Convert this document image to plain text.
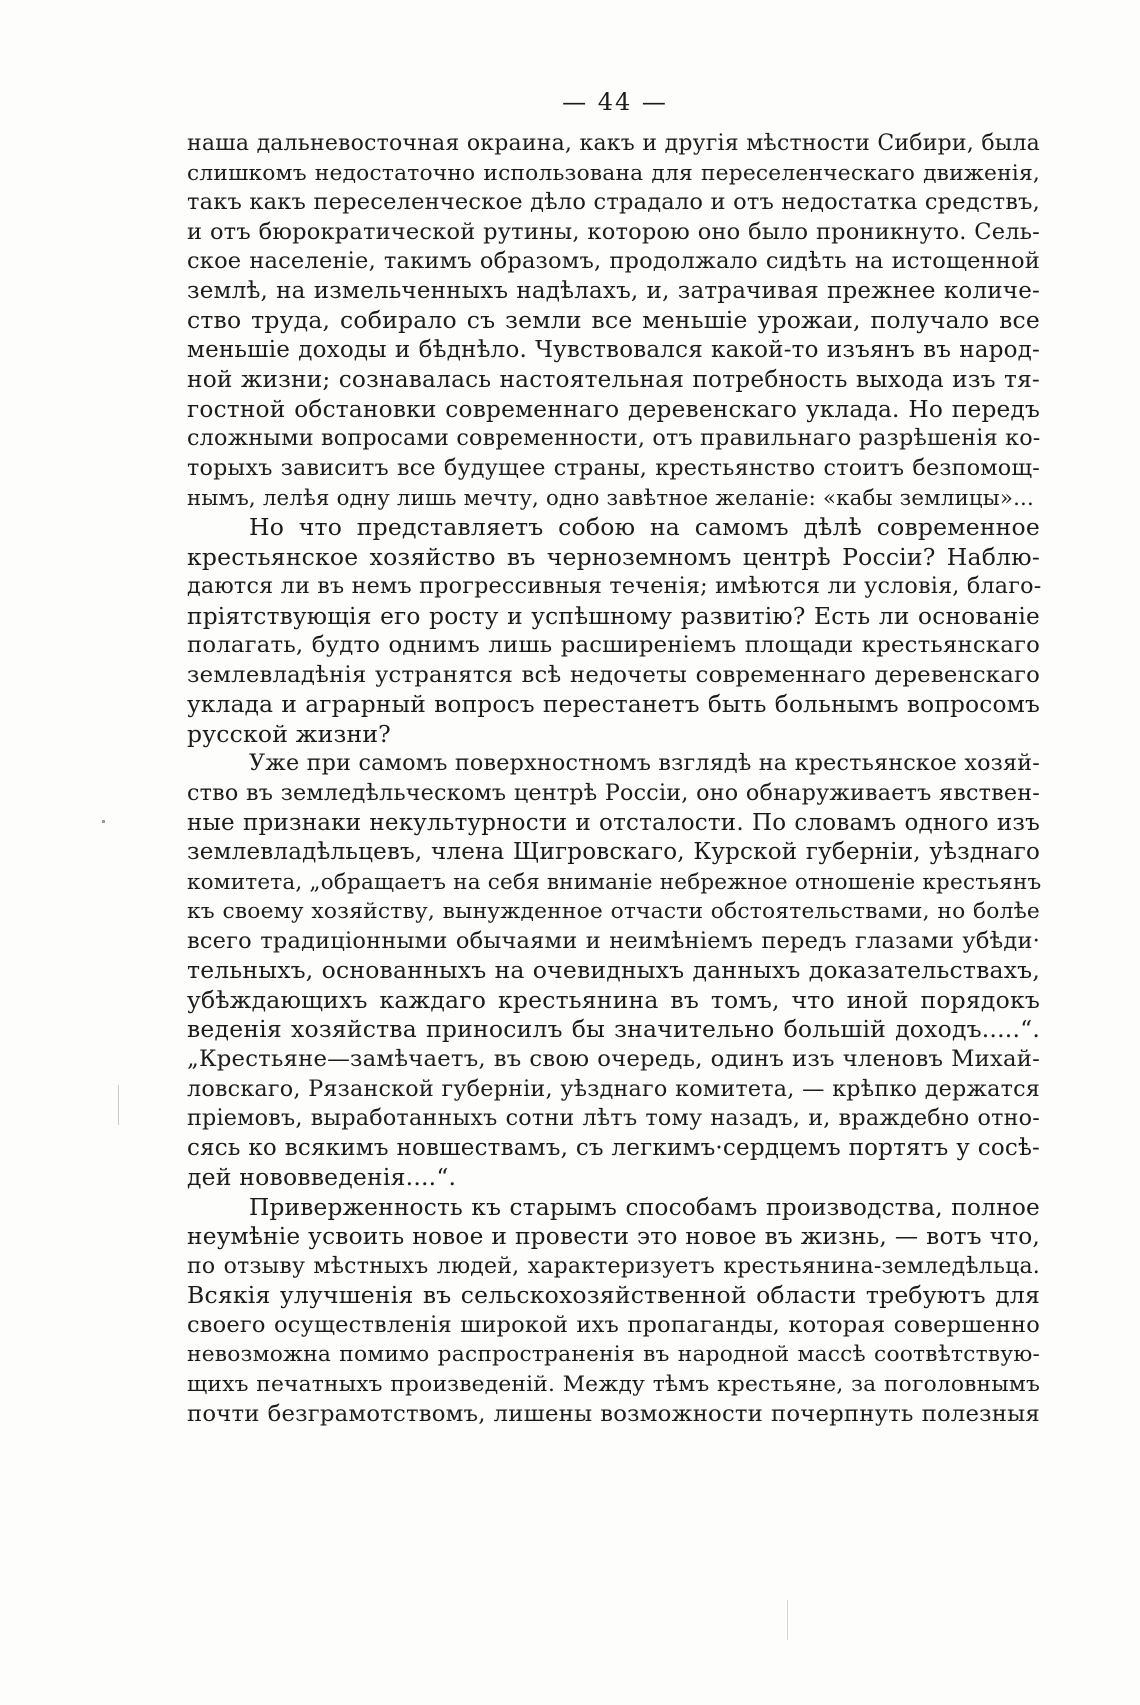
— 44 —
наша дальневосточная окраина, какъ и другія мѣстности Сибири, была
слишкомъ недостаточно использована для переселенческаго движенія,
такъ какъ переселенческое дѣло страдало и отъ недостатка средствъ,
и отъ бюрократической рутины, которою оно было проникнуто. Сель-
ское населеніе, такимъ образомъ, продолжало сидѣть на истощенной
землѣ, на измельченныхъ надѣлахъ, и, затрачивая прежнее количе-
ство труда, собирало съ земли все меньшіе урожаи, получало все
меньшіе доходы и бѣднѣло. Чувствовался какой-то изъянъ въ народ-
ной жизни; сознавалась настоятельная потребность выхода изъ тя-
гостной обстановки современнаго деревенскаго уклада. Но передъ
сложными вопросами современности, отъ правильнаго разрѣшенія ко-
торыхъ зависитъ все будущее страны, крестьянство стоитъ безпомощ-
нымъ, лелѣя одну лишь мечту, одно завѣтное желаніе: «кабы землицы»...
Но что представляетъ собою на самомъ дѣлѣ современное
крестьянское хозяйство въ черноземномъ центрѣ Россіи? Наблю-
даются ли въ немъ прогрессивныя теченія; имѣются ли условія, благо-
пріятствующія его росту и успѣшному развитію? Есть ли основаніе
полагать, будто однимъ лишь расширеніемъ площади крестьянскаго
землевладѣнія устранятся всѣ недочеты современнаго деревенскаго
уклада и аграрный вопросъ перестанетъ быть больнымъ вопросомъ
русской жизни?
Уже при самомъ поверхностномъ взглядѣ на крестьянское хозяй-
ство въ земледѣльческомъ центрѣ Россіи, оно обнаруживаетъ явствен-
ные признаки некультурности и отсталости. По словамъ одного изъ
землевладѣльцевъ, члена Щигровскаго, Курской губерніи, уѣзднаго
комитета, „обращаетъ на себя вниманіе небрежное отношеніе крестьянъ
къ своему хозяйству, вынужденное отчасти обстоятельствами, но болѣе
всего традиціонными обычаями и неимѣніемъ передъ глазами убѣди·
тельныхъ, основанныхъ на очевидныхъ данныхъ доказательствахъ,
убѣждающихъ каждаго крестьянина въ томъ, что иной порядокъ
веденія хозяйства приносилъ бы значительно большій доходъ.....“.
„Крестьяне—замѣчаетъ, въ свою очередь, одинъ изъ членовъ Михай-
ловскаго, Рязанской губерніи, уѣзднаго комитета, — крѣпко держатся
пріемовъ, выработанныхъ сотни лѣтъ тому назадъ, и, враждебно отно-
сясь ко всякимъ новшествамъ, съ легкимъ·сердцемъ портятъ у сосѣ-
дей нововведенія....“.
Приверженность къ старымъ способамъ производства, полное
неумѣніе усвоить новое и провести это новое въ жизнь, — вотъ что,
по отзыву мѣстныхъ людей, характеризуетъ крестьянина-земледѣльца.
Всякія улучшенія въ сельскохозяйственной области требуютъ для
своего осуществленія широкой ихъ пропаганды, которая совершенно
невозможна помимо распространенія въ народной массѣ соотвѣтствую-
щихъ печатныхъ произведеній. Между тѣмъ крестьяне, за поголовнымъ
почти безграмотствомъ, лишены возможности почерпнуть полезныя
